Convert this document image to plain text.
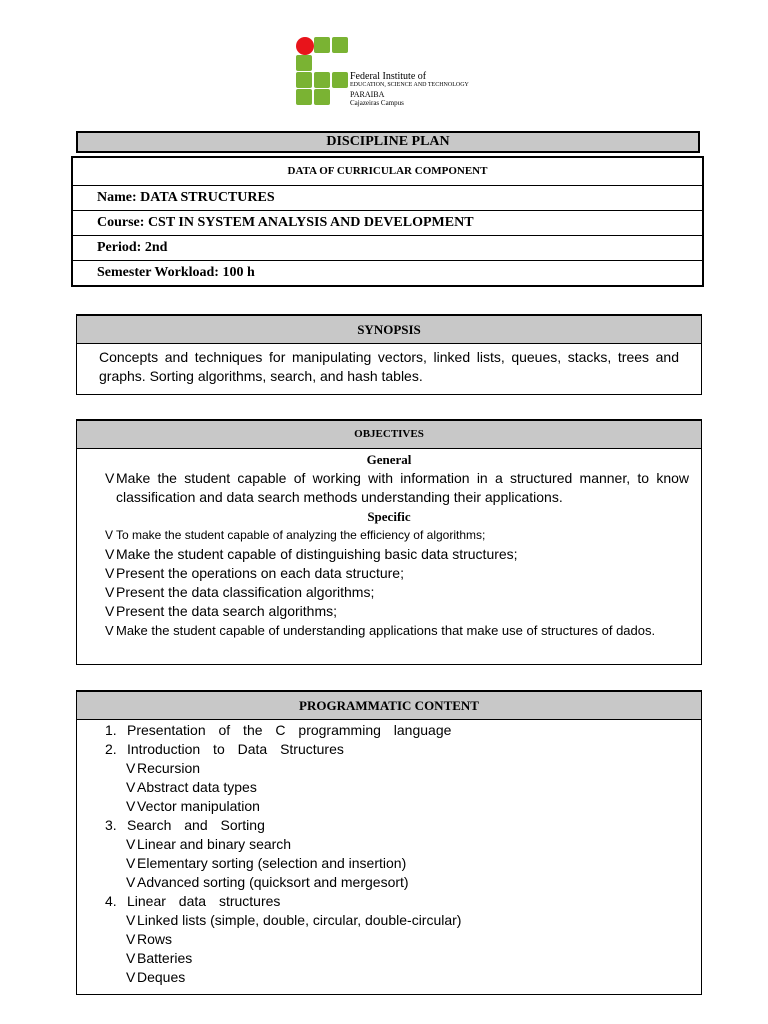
Federal Institute of
EDUCATION, SCIENCE AND TECHNOLOGY
PARAIBA
Cajazeiras Campus
DISCIPLINE PLAN
DATA OF CURRICULAR COMPONENT
Name: DATA STRUCTURES
Course: CST IN SYSTEM ANALYSIS AND DEVELOPMENT
Period: 2nd
Semester Workload: 100 h
SYNOPSIS
Concepts and techniques for manipulating vectors, linked lists, queues, stacks, trees and graphs. Sorting algorithms, search, and hash tables.
OBJECTIVES
General
V Make the student capable of working with information in a structured manner, to know classification and data search methods understanding their applications.
Specific
V To make the student capable of analyzing the efficiency of algorithms;
V Make the student capable of distinguishing basic data structures;
V Present the operations on each data structure;
V Present the data classification algorithms;
V Present the data search algorithms;
V Make the student capable of understanding applications that make use of structures of dados.
PROGRAMMATIC CONTENT
1. Presentation of the C programming language
2. Introduction to Data Structures
V Recursion
V Abstract data types
V Vector manipulation
3. Search and Sorting
V Linear and binary search
V Elementary sorting (selection and insertion)
V Advanced sorting (quicksort and mergesort)
4. Linear data structures
V Linked lists (simple, double, circular, double-circular)
V Rows
V Batteries
V Deques
